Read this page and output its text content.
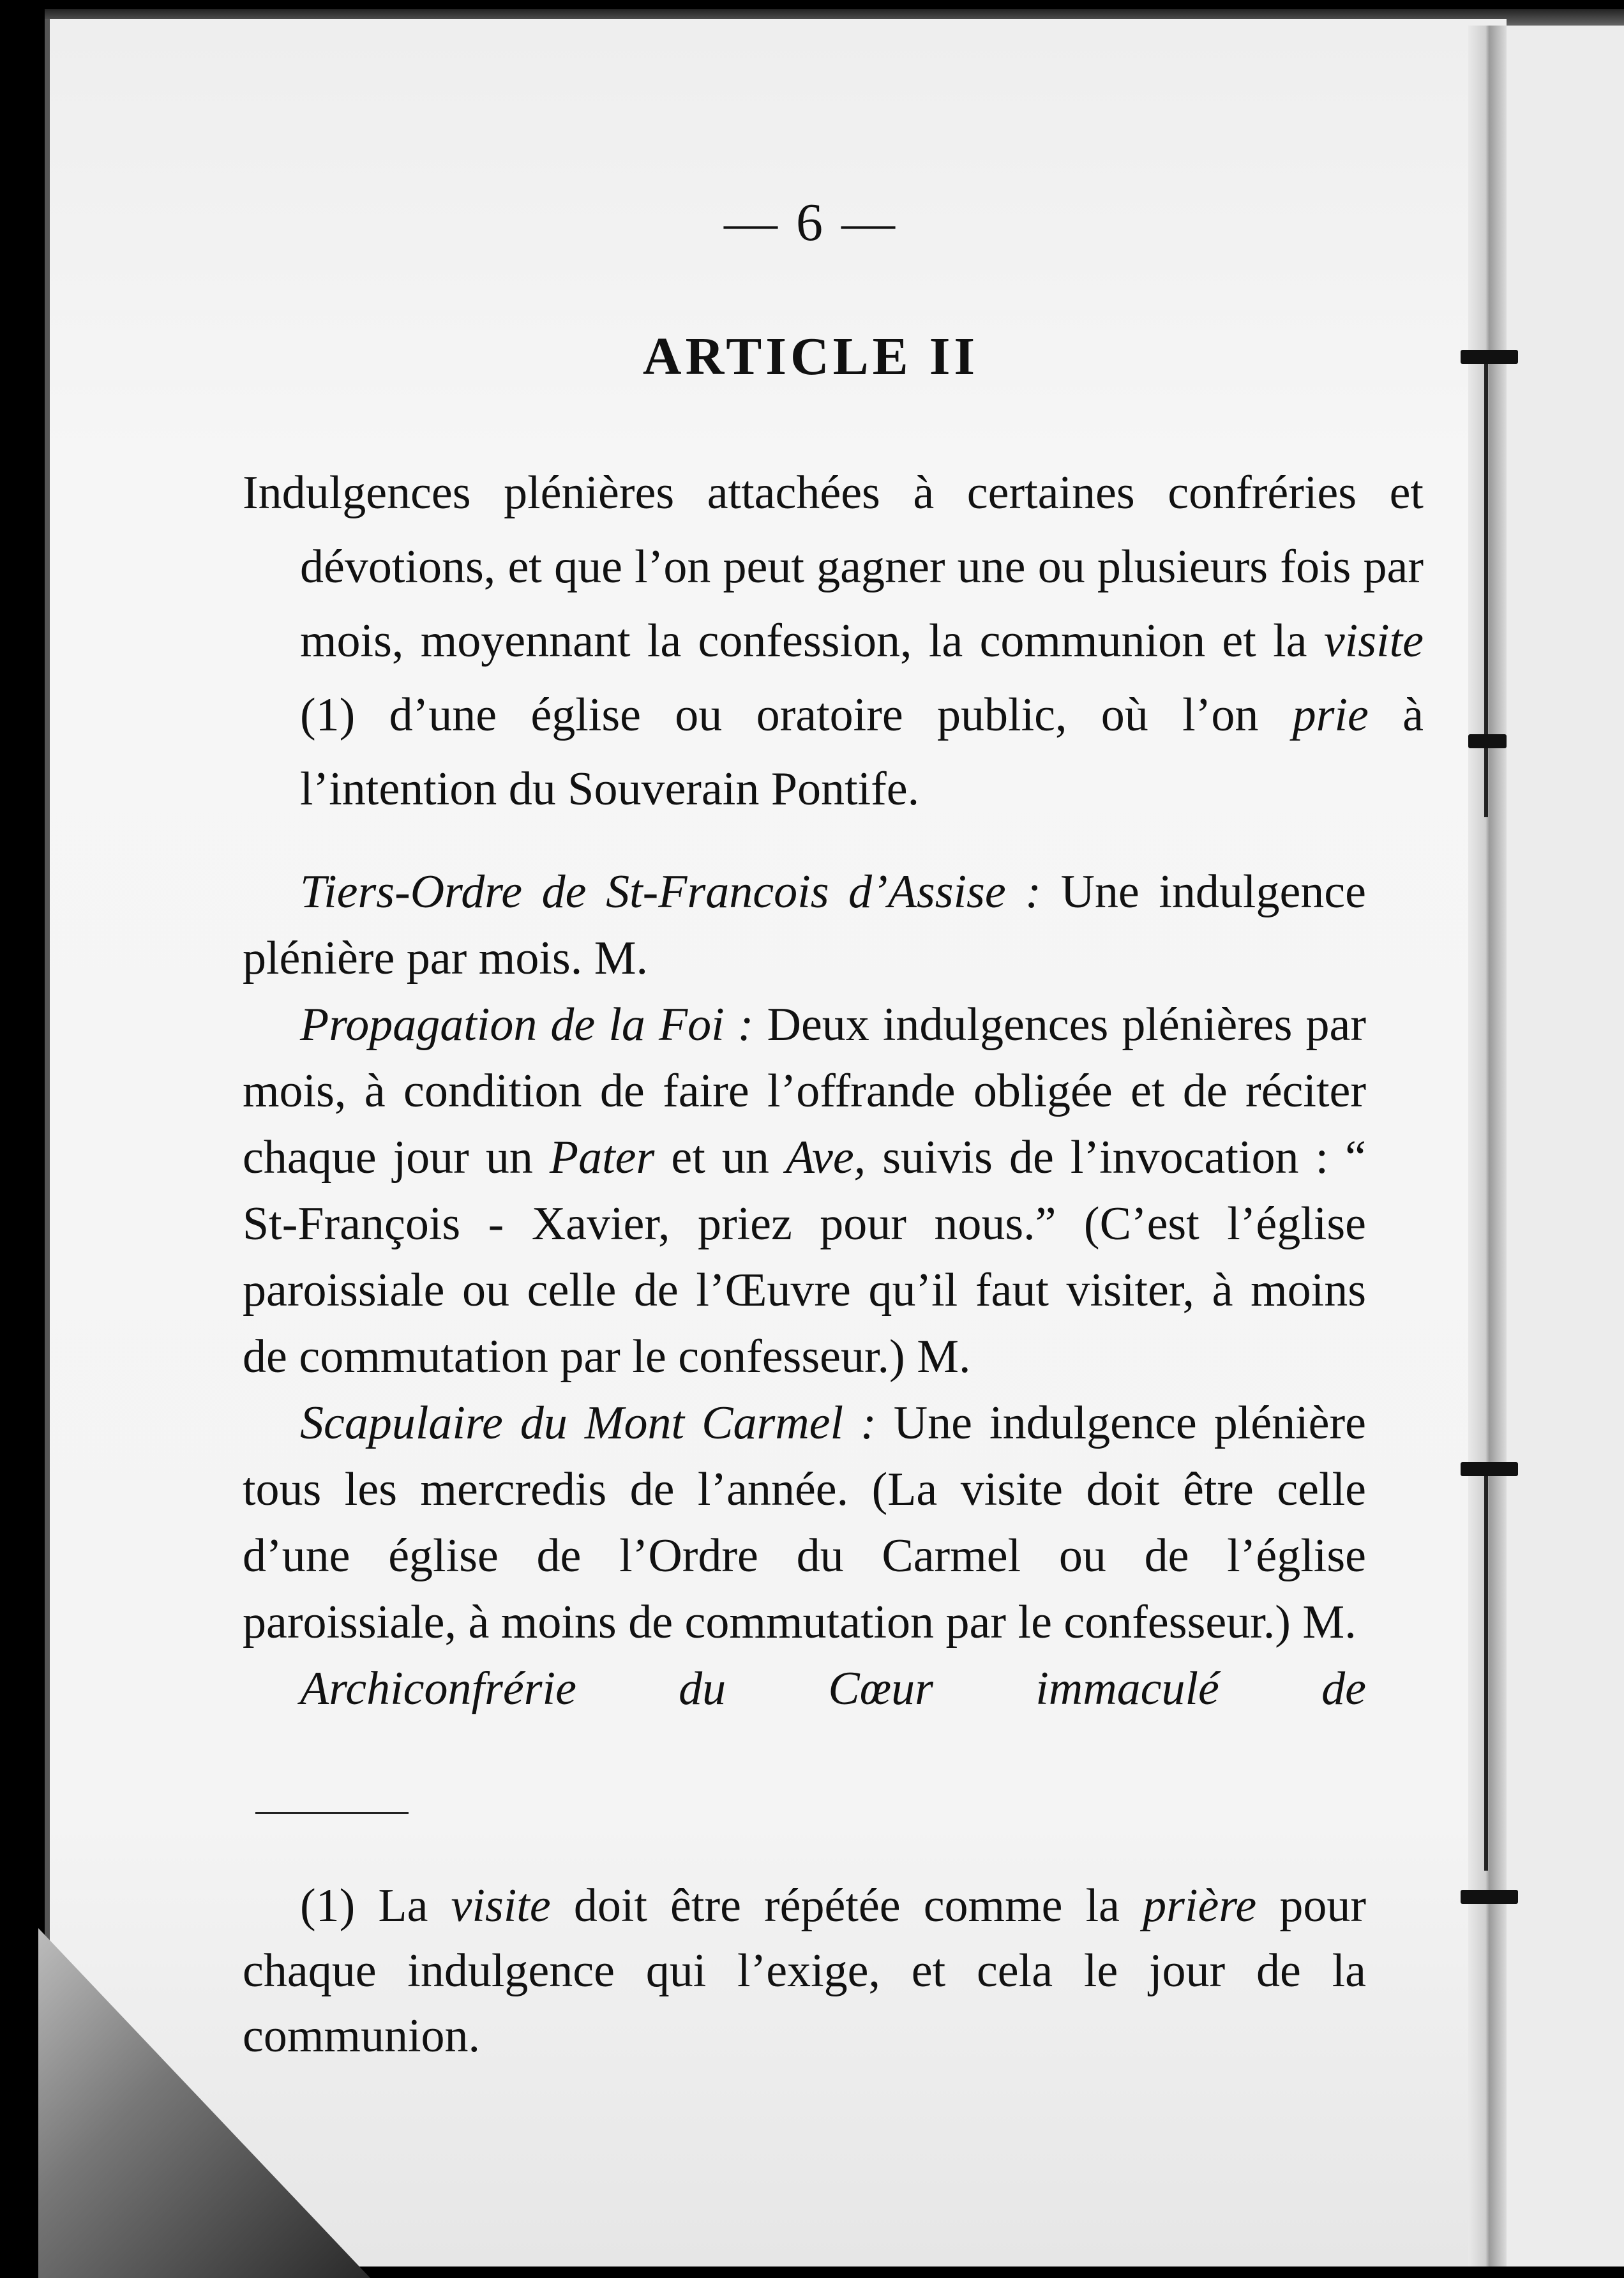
— 6 —
ARTICLE II

Indulgences plénières attachées à certaines confréries et dévotions, et que l’on peut gagner une ou plusieurs fois par mois, moyennant la confession, la communion et la visite (1) d’une église ou oratoire public, où l’on prie à l’intention du Souverain Pontife.

Tiers-Ordre de St-Francois d’Assise : Une indulgence plénière par mois. M.

Propagation de la Foi : Deux indulgences plénières par mois, à condition de faire l’offrande obligée et de réciter chaque jour un Pater et un Ave, suivis de l’invocation : “ St-François - Xavier, priez pour nous.” (C’est l’église paroissiale ou celle de l’Œuvre qu’il faut visiter, à moins de commutation par le confesseur.) M.

Scapulaire du Mont Carmel : Une indulgence plénière tous les mercredis de l’année. (La visite doit être celle d’une église de l’Ordre du Carmel ou de l’église paroissiale, à moins de commutation par le confesseur.) M.

Archiconfrérie du Cœur immaculé de

(1) La visite doit être répétée comme la prière pour chaque indulgence qui l’exige, et cela le jour de la communion.
